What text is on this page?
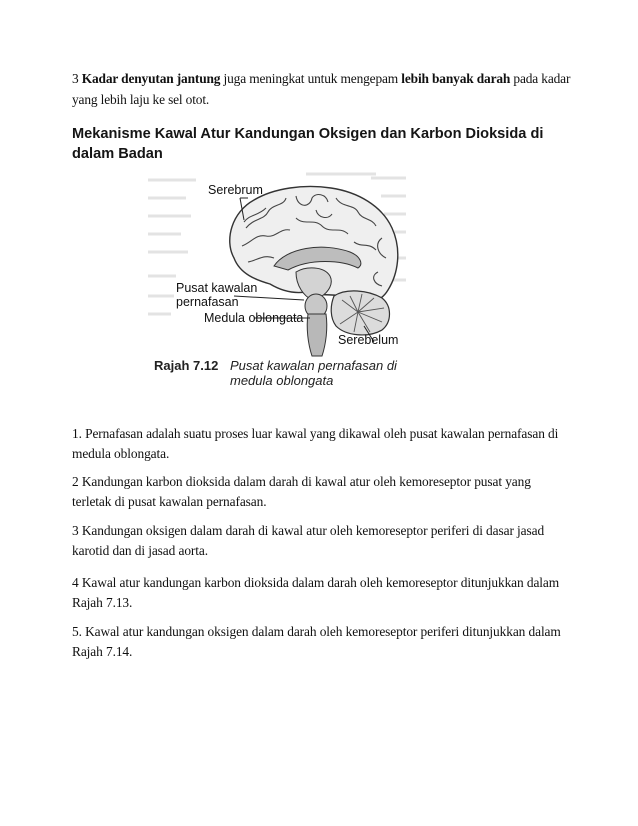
3 Kadar denyutan jantung juga meningkat untuk mengepam lebih banyak darah pada kadar yang lebih laju ke sel otot.
Mekanisme Kawal Atur Kandungan Oksigen dan Karbon Dioksida di dalam Badan
Serebrum
Pusat kawalan
pernafasan
Medula oblongata
Serebelum
Rajah 7.12 Pusat kawalan pernafasan di
medula oblongata

1. Pernafasan adalah suatu proses luar kawal yang dikawal oleh pusat kawalan pernafasan di medula oblongata.

2 Kandungan karbon dioksida dalam darah di kawal atur oleh kemoreseptor pusat yang terletak di pusat kawalan pernafasan.

3 Kandungan oksigen dalam darah di kawal atur oleh kemoreseptor periferi di dasar jasad karotid dan di jasad aorta.

4 Kawal atur kandungan karbon dioksida dalam darah oleh kemoreseptor ditunjukkan dalam Rajah 7.13.

5. Kawal atur kandungan oksigen dalam darah oleh kemoreseptor periferi ditunjukkan dalam Rajah 7.14.
